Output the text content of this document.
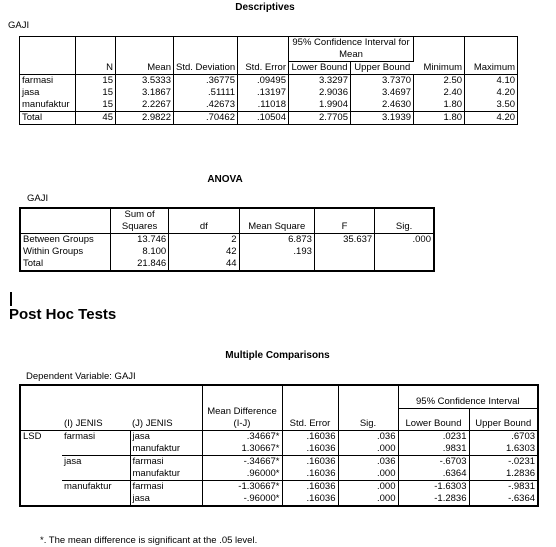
Descriptives
GAJI
	N	Mean	Std. Deviation	Std. Error	95% Confidence Interval for Mean		Minimum	Maximum
					Lower Bound	Upper Bound		
farmasi	15	3.5333	.36775	.09495	3.3297	3.7370	2.50	4.10
jasa	15	3.1867	.51111	.13197	2.9036	3.4697	2.40	4.20
manufaktur	15	2.2267	.42673	.11018	1.9904	2.4630	1.80	3.50
Total	45	2.9822	.70462	.10504	2.7705	3.1939	1.80	4.20
ANOVA
GAJI
	Sum of Squares	df	Mean Square	F	Sig.
Between Groups	13.746	2	6.873	35.637	.000
Within Groups	8.100	42	.193		
Total	21.846	44			
Post Hoc Tests
Multiple Comparisons
Dependent Variable: GAJI
	(I) JENIS	(J) JENIS	Mean Difference (I-J)	Std. Error	Sig.	95% Confidence Interval	
						Lower Bound	Upper Bound
LSD	farmasi	jasa	.34667*	.16036	.036	.0231	.6703
		manufaktur	1.30667*	.16036	.000	.9831	1.6303
	jasa	farmasi	-.34667*	.16036	.036	-.6703	-.0231
		manufaktur	.96000*	.16036	.000	.6364	1.2836
	manufaktur	farmasi	-1.30667*	.16036	.000	-1.6303	-.9831
		jasa	-.96000*	.16036	.000	-1.2836	-.6364
*. The mean difference is significant at the .05 level.
